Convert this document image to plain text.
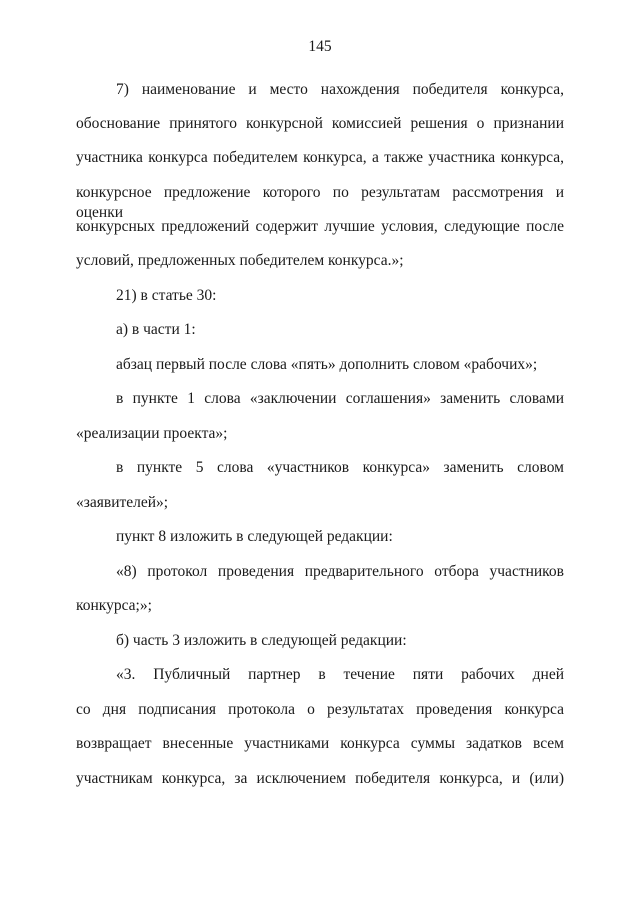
145
7) наименование и место нахождения победителя конкурса,
обоснование принятого конкурсной комиссией решения о признании
участника конкурса победителем конкурса, а также участника конкурса,
конкурсное предложение которого по результатам рассмотрения и оценки
конкурсных предложений содержит лучшие условия, следующие после
условий, предложенных победителем конкурса.»;
21) в статье 30:
а) в части 1:
абзац первый после слова «пять» дополнить словом «рабочих»;
в пункте 1 слова «заключении соглашения» заменить словами
«реализации проекта»;
в пункте 5 слова «участников конкурса» заменить словом
«заявителей»;
пункт 8 изложить в следующей редакции:
«8) протокол проведения предварительного отбора участников
конкурса;»;
б) часть 3 изложить в следующей редакции:
«3. Публичный партнер в течение пяти рабочих дней
со дня подписания протокола о результатах проведения конкурса
возвращает внесенные участниками конкурса суммы задатков всем
участникам конкурса, за исключением победителя конкурса, и (или)
